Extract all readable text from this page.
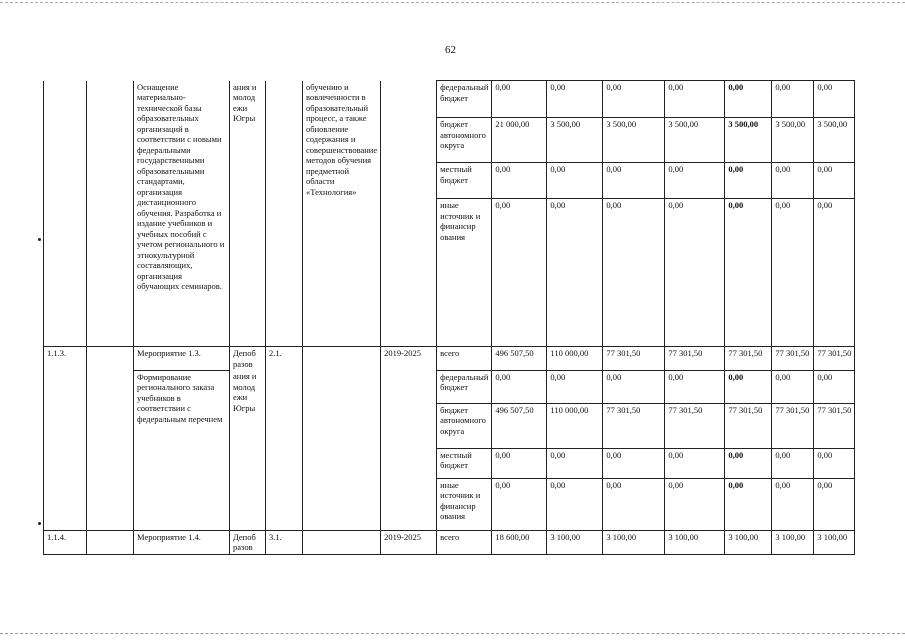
62
		Оснащение материально-технической базы образовательных организаций в соответствии с новыми федеральными государственными образовательными стандартами, организация дистанционного обучения. Разработка и издание учебников и учебных пособий с учетом регионального и этнокультурной составляющих, организация обучающих семинаров.	ания и молод ежи Югры		обучению и вовлеченности в образовательный процесс, а также обновление содержания и совершенствование методов обучения предметной области «Технология»		федеральный бюджет	0,00	0,00	0,00	0,00	0,00	0,00	0,00
							бюджет автономного округа	21 000,00	3 500,00	3 500,00	3 500,00	3 500,00	3 500,00	3 500,00
							местный бюджет	0,00	0,00	0,00	0,00	0,00	0,00	0,00
							иные источник и финансир ования	0,00	0,00	0,00	0,00	0,00	0,00	0,00
1.1.3.		Мероприятие 1.3.	Депоб разов	2.1.		2019-2025	всего	496 507,50	110 000,00	77 301,50	77 301,50	77 301,50	77 301,50	77 301,50
		Формирование регионального заказа учебников в соответствии с федеральным перечнем	ания и молод ежи Югры				федеральный бюджет	0,00	0,00	0,00	0,00	0,00	0,00	0,00
							бюджет автономного округа	496 507,50	110 000,00	77 301,50	77 301,50	77 301,50	77 301,50	77 301,50
							местный бюджет	0,00	0,00	0,00	0,00	0,00	0,00	0,00
							иные источник и финансир ования	0,00	0,00	0,00	0,00	0,00	0,00	0,00
1.1.4.		Мероприятие 1.4.	Депоб разов	3.1.		2019-2025	всего	18 600,00	3 100,00	3 100,00	3 100,00	3 100,00	3 100,00	3 100,00
